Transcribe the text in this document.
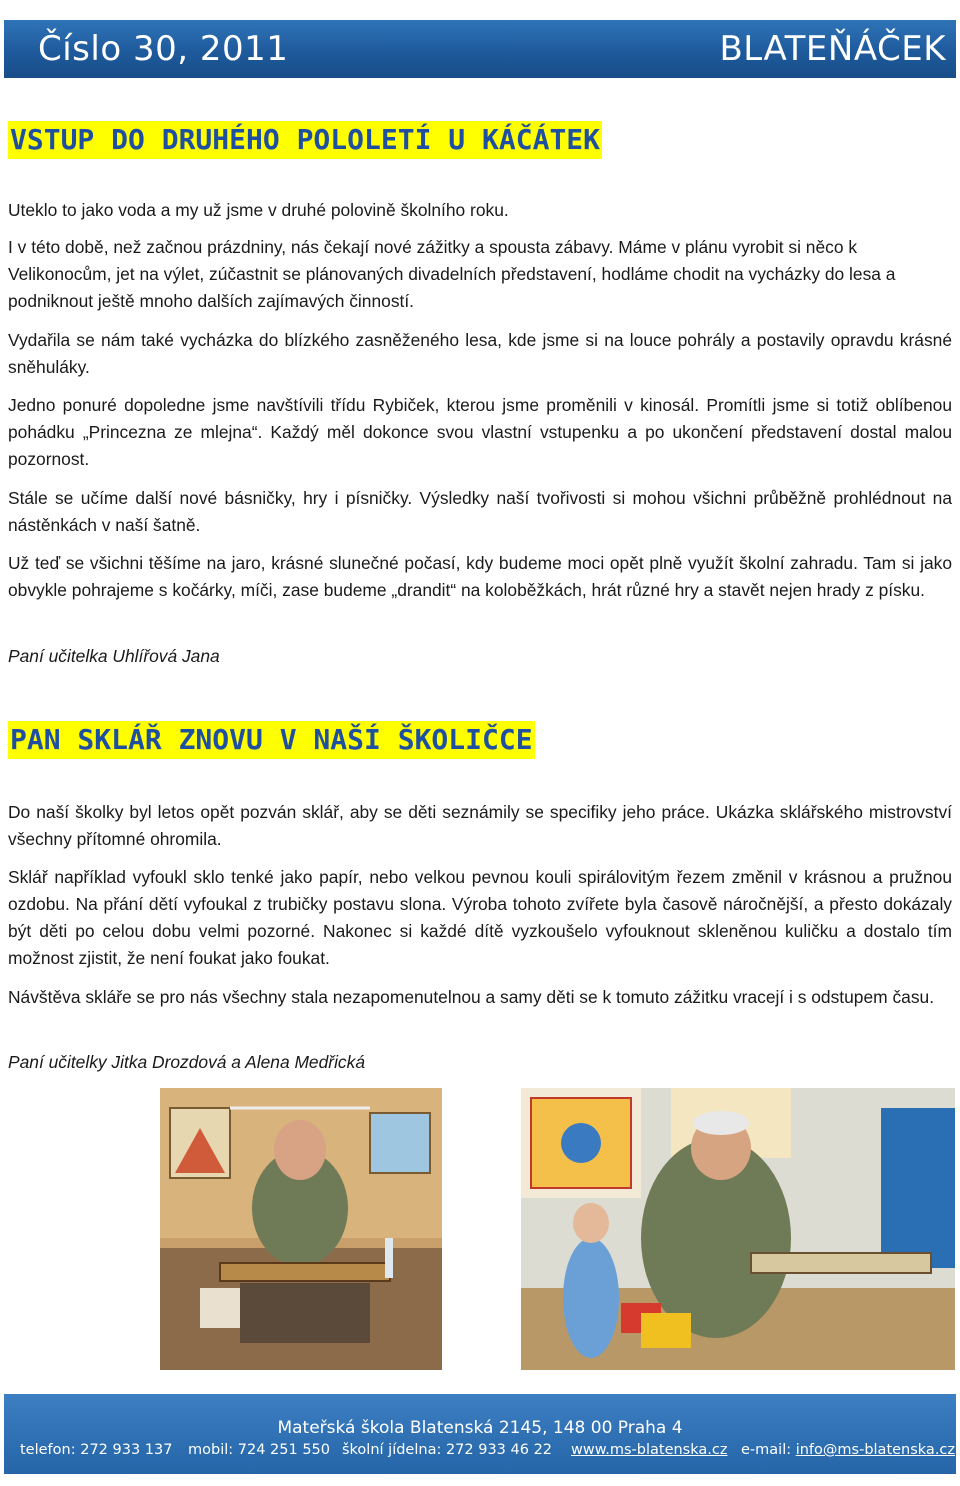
Číslo 30, 2011	BLATEŇÁČEK
VSTUP DO DRUHÉHO POLOLETÍ U KÁČÁTEK

Uteklo to jako voda a my už jsme v druhé polovině školního roku.

I v této době, než začnou prázdniny, nás čekají nové zážitky a spousta zábavy. Máme v plánu vyrobit si něco k Velikonocům, jet na výlet, zúčastnit se plánovaných divadelních představení, hodláme chodit na vycházky do lesa a podniknout ještě mnoho dalších zajímavých činností.

Vydařila se nám také vycházka do blízkého zasněženého lesa, kde jsme si na louce pohrály a postavily opravdu krásné sněhuláky.

Jedno ponuré dopoledne jsme navštívili třídu Rybiček, kterou jsme proměnili v kinosál. Promítli jsme si totiž oblíbenou pohádku „Princezna ze mlejna“. Každý měl dokonce svou vlastní vstupenku a po ukončení představení dostal malou pozornost.

Stále se učíme další nové básničky, hry i písničky. Výsledky naší tvořivosti si mohou všichni průběžně prohlédnout na nástěnkách v naší šatně.

Už teď se všichni těšíme na jaro, krásné slunečné počasí, kdy budeme moci opět plně využít školní zahradu. Tam si jako obvykle pohrajeme s kočárky, míči, zase budeme „drandit“ na koloběžkách, hrát různé hry a stavět nejen hrady z písku.

Paní učitelka Uhlířová Jana

PAN SKLÁŘ ZNOVU V NAŠÍ ŠKOLIČCE

Do naší školky byl letos opět pozván sklář, aby se děti seznámily se specifiky jeho práce. Ukázka sklářského mistrovství všechny přítomné ohromila.

Sklář například vyfoukl sklo tenké jako papír, nebo velkou pevnou kouli spirálovitým řezem změnil v krásnou a pružnou ozdobu. Na přání dětí vyfoukal z trubičky postavu slona. Výroba tohoto zvířete byla časově náročnější, a přesto dokázaly být děti po celou dobu velmi pozorné. Nakonec si každé dítě vyzkoušelo vyfouknout skleněnou kuličku a dostalo tím možnost zjistit, že není foukat jako foukat.

Návštěva skláře se pro nás všechny stala nezapomenutelnou a samy děti se k tomuto zážitku vracejí i s odstupem času.

Paní učitelky Jitka Drozdová a Alena Medřická

Mateřská škola Blatenská 2145, 148 00 Praha 4
telefon: 272 933 137 mobil: 724 251 550 školní jídelna: 272 933 46 22 www.ms-blatenska.cz e-mail: info@ms-blatenska.cz
